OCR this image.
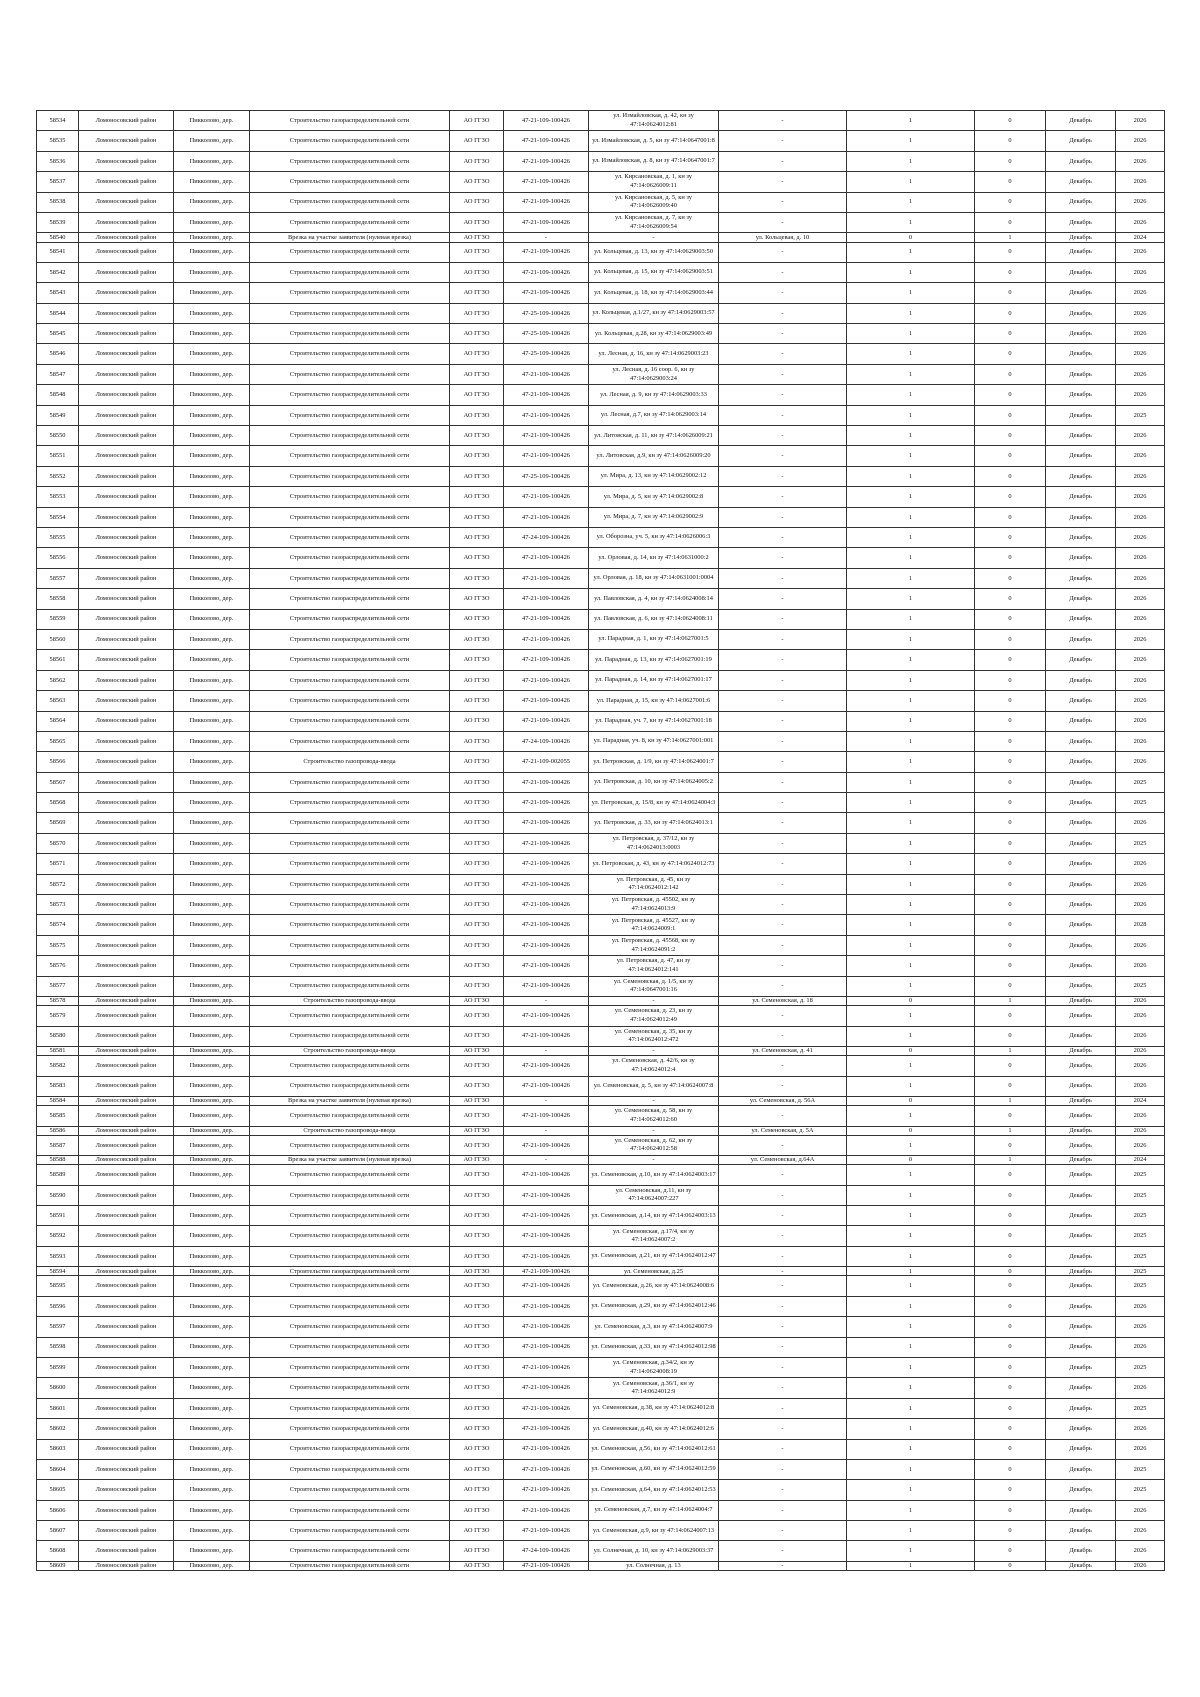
58534	Ломоносовский район	Пикколово, дер.	Строительство газораспределительной сети	АО ГГЗО	47-21-109-100426	ул. Измайловская, д. 42, кн зу 47:14:0624012:81	-	1	0	Декабрь	2026
58535	Ломоносовский район	Пикколово, дер.	Строительство газораспределительной сети	АО ГГЗО	47-21-109-100426	ул. Измайловская, д. 5, кн зу 47:14:0647001:8	-	1	0	Декабрь	2026
58536	Ломоносовский район	Пикколово, дер.	Строительство газораспределительной сети	АО ГГЗО	47-21-109-100426	ул. Измайловская, д. 8, кн зу 47:14:0647001:7	-	1	0	Декабрь	2026
58537	Ломоносовский район	Пикколово, дер.	Строительство газораспределительной сети	АО ГГЗО	47-21-109-100426	ул. Кирсановская, д. 1, кн зу 47:14:0626009:11	-	1	0	Декабрь	2026
58538	Ломоносовский район	Пикколово, дер.	Строительство газораспределительной сети	АО ГГЗО	47-21-109-100426	ул. Кирсановская, д. 5, кн зу 47:14:0626009:40	-	1	0	Декабрь	2026
58539	Ломоносовский район	Пикколово, дер.	Строительство газораспределительной сети	АО ГГЗО	47-21-109-100426	ул. Кирсановская, д. 7, кн зу 47:14:0626009:54	-	1	0	Декабрь	2026
58540	Ломоносовский район	Пикколово, дер.	Врезка на участке заявителя (нулевая врезка)	АО ГГЗО	-	-	ул. Кольцевая, д. 10	0	1	Декабрь	2024
58541	Ломоносовский район	Пикколово, дер.	Строительство газораспределительной сети	АО ГГЗО	47-21-109-100426	ул. Кольцевая, д. 13, кн зу 47:14:0629003:50	-	1	0	Декабрь	2026
58542	Ломоносовский район	Пикколово, дер.	Строительство газораспределительной сети	АО ГГЗО	47-21-109-100426	ул. Кольцевая, д. 15, кн зу 47:14:0629003:51	-	1	0	Декабрь	2026
58543	Ломоносовский район	Пикколово, дер.	Строительство газораспределительной сети	АО ГГЗО	47-21-109-100426	ул. Кольцевая, д. 18, кн зу 47:14:0629003:44	-	1	0	Декабрь	2026
58544	Ломоносовский район	Пикколово, дер.	Строительство газораспределительной сети	АО ГГЗО	47-25-109-100426	ул. Кольцевая, д.1/27, кн зу 47:14:0629003:57	-	1	0	Декабрь	2026
58545	Ломоносовский район	Пикколово, дер.	Строительство газораспределительной сети	АО ГГЗО	47-25-109-100426	ул. Кольцевая, д.28, кн зу 47:14:0629003:49	-	1	0	Декабрь	2026
58546	Ломоносовский район	Пикколово, дер.	Строительство газораспределительной сети	АО ГГЗО	47-25-109-100426	ул. Лесная, д. 16, кн зу 47:14:0629003:23	-	1	0	Декабрь	2026
58547	Ломоносовский район	Пикколово, дер.	Строительство газораспределительной сети	АО ГГЗО	47-21-109-100426	ул. Лесная, д. 16 соор. 6, кн зу 47:14:0629003:24	-	1	0	Декабрь	2026
58548	Ломоносовский район	Пикколово, дер.	Строительство газораспределительной сети	АО ГГЗО	47-21-109-100426	ул. Лесная, д. 9, кн зу 47:14:0629003:33	-	1	0	Декабрь	2026
58549	Ломоносовский район	Пикколово, дер.	Строительство газораспределительной сети	АО ГГЗО	47-21-109-100426	ул. Лесная, д.7, кн зу 47:14:0629003:14	-	1	0	Декабрь	2025
58550	Ломоносовский район	Пикколово, дер.	Строительство газораспределительной сети	АО ГГЗО	47-21-109-100426	ул. Литовская, д. 11, кн зу 47:14:0626009:21	-	1	0	Декабрь	2026
58551	Ломоносовский район	Пикколово, дер.	Строительство газораспределительной сети	АО ГГЗО	47-21-109-100426	ул. Литовская, д.9, кн зу 47:14:0626009:20	-	1	0	Декабрь	2026
58552	Ломоносовский район	Пикколово, дер.	Строительство газораспределительной сети	АО ГГЗО	47-25-109-100426	ул. Мира, д. 13, кн зу 47:14:0629002:12	-	1	0	Декабрь	2026
58553	Ломоносовский район	Пикколово, дер.	Строительство газораспределительной сети	АО ГГЗО	47-21-109-100426	ул. Мира, д. 5, кн зу 47:14:0629002:8	-	1	0	Декабрь	2026
58554	Ломоносовский район	Пикколово, дер.	Строительство газораспределительной сети	АО ГГЗО	47-21-109-100426	ул. Мира, д. 7, кн зу 47:14:0629002:9	-	1	0	Декабрь	2026
58555	Ломоносовский район	Пикколово, дер.	Строительство газораспределительной сети	АО ГГЗО	47-24-109-100426	ул. Оборозна, уч. 5, кн зу 47:14:0626006:3	-	1	0	Декабрь	2026
58556	Ломоносовский район	Пикколово, дер.	Строительство газораспределительной сети	АО ГГЗО	47-21-109-100426	ул. Орловая, д. 14, кн зу 47:14:0631000:2	-	1	0	Декабрь	2026
58557	Ломоносовский район	Пикколово, дер.	Строительство газораспределительной сети	АО ГГЗО	47-21-109-100426	ул. Орловая, д. 18, кн зу 47:14:0631001:0004	-	1	0	Декабрь	2026
58558	Ломоносовский район	Пикколово, дер.	Строительство газораспределительной сети	АО ГГЗО	47-21-109-100426	ул. Павловская, д. 4, кн зу 47:14:0624008:14	-	1	0	Декабрь	2026
58559	Ломоносовский район	Пикколово, дер.	Строительство газораспределительной сети	АО ГГЗО	47-21-109-100426	ул. Павловская, д. 6, кн зу 47:14:0624008:11	-	1	0	Декабрь	2026
58560	Ломоносовский район	Пикколово, дер.	Строительство газораспределительной сети	АО ГГЗО	47-21-109-100426	ул. Парадная, д. 1, кн зу 47:14:0627001:5	-	1	0	Декабрь	2026
58561	Ломоносовский район	Пикколово, дер.	Строительство газораспределительной сети	АО ГГЗО	47-21-109-100426	ул. Парадная, д. 13, кн зу 47:14:0627001:19	-	1	0	Декабрь	2026
58562	Ломоносовский район	Пикколово, дер.	Строительство газораспределительной сети	АО ГГЗО	47-21-109-100426	ул. Парадная, д. 14, кн зу 47:14:0627001:17	-	1	0	Декабрь	2026
58563	Ломоносовский район	Пикколово, дер.	Строительство газораспределительной сети	АО ГГЗО	47-21-109-100426	ул. Парадная, д. 15, кн зу 47:14:0627001:6	-	1	0	Декабрь	2026
58564	Ломоносовский район	Пикколово, дер.	Строительство газораспределительной сети	АО ГГЗО	47-21-109-100426	ул. Парадная, уч. 7, кн зу 47:14:0627001:18	-	1	0	Декабрь	2026
58565	Ломоносовский район	Пикколово, дер.	Строительство газораспределительной сети	АО ГГЗО	47-24-109-100426	ул. Парадная, уч. 8, кн зу 47:14:0627001:001	-	1	0	Декабрь	2026
58566	Ломоносовский район	Пикколово, дер.	Строительство газопровода-ввода	АО ГГЗО	47-21-109-002055	ул. Петровская, д. 1/9, кн зу 47:14:0624001:7	-	1	0	Декабрь	2026
58567	Ломоносовский район	Пикколово, дер.	Строительство газораспределительной сети	АО ГГЗО	47-21-109-100426	ул. Петровская, д. 10, кн зу 47:14:0624005:2	-	1	0	Декабрь	2025
58568	Ломоносовский район	Пикколово, дер.	Строительство газораспределительной сети	АО ГГЗО	47-21-109-100426	ул. Петровская, д. 15/8, кн зу 47:14:0624004:3	-	1	0	Декабрь	2025
58569	Ломоносовский район	Пикколово, дер.	Строительство газораспределительной сети	АО ГГЗО	47-21-109-100426	ул. Петровская, д. 33, кн зу 47:14:0624013:1	-	1	0	Декабрь	2026
58570	Ломоносовский район	Пикколово, дер.	Строительство газораспределительной сети	АО ГГЗО	47-21-109-100426	ул. Петровская, д. 37/12, кн зу 47:14:0624013:0003	-	1	0	Декабрь	2025
58571	Ломоносовский район	Пикколово, дер.	Строительство газораспределительной сети	АО ГГЗО	47-21-109-100426	ул. Петровская, д. 43, кн зу 47:14:0624012:73	-	1	0	Декабрь	2026
58572	Ломоносовский район	Пикколово, дер.	Строительство газораспределительной сети	АО ГГЗО	47-21-109-100426	ул. Петровская, д. 45, кн зу 47:14:0624012:142	-	1	0	Декабрь	2026
58573	Ломоносовский район	Пикколово, дер.	Строительство газораспределительной сети	АО ГГЗО	47-21-109-100426	ул. Петровская, д. 45502, кн зу 47:14:0624013:9	-	1	0	Декабрь	2026
58574	Ломоносовский район	Пикколово, дер.	Строительство газораспределительной сети	АО ГГЗО	47-21-109-100426	ул. Петровская, д. 45527, кн зу 47:14:0624009:1	-	1	0	Декабрь	2028
58575	Ломоносовский район	Пикколово, дер.	Строительство газораспределительной сети	АО ГГЗО	47-21-109-100426	ул. Петровская, д. 45568, кн зу 47:14:0624091:2	-	1	0	Декабрь	2026
58576	Ломоносовский район	Пикколово, дер.	Строительство газораспределительной сети	АО ГГЗО	47-21-109-100426	ул. Петровская, д. 47, кн зу 47:14:0624012:141	-	1	0	Декабрь	2026
58577	Ломоносовский район	Пикколово, дер.	Строительство газораспределительной сети	АО ГГЗО	47-21-109-100426	ул. Семеновская, д. 1/5, кн зу 47:14:0647001:16	-	1	0	Декабрь	2025
58578	Ломоносовский район	Пикколово, дер.	Строительство газопровода-ввода	АО ГГЗО	-	-	ул. Семеновская, д. 18	0	1	Декабрь	2026
58579	Ломоносовский район	Пикколово, дер.	Строительство газораспределительной сети	АО ГГЗО	47-21-109-100426	ул. Семеновская, д. 23, кн зу 47:14:0624012:49	-	1	0	Декабрь	2026
58580	Ломоносовский район	Пикколово, дер.	Строительство газораспределительной сети	АО ГГЗО	47-21-109-100426	ул. Семеновская, д. 35, кн зу 47:14:0624012:472	-	1	0	Декабрь	2026
58581	Ломоносовский район	Пикколово, дер.	Строительство газопровода-ввода	АО ГГЗО	-	-	ул. Семеновская, д. 41	0	1	Декабрь	2026
58582	Ломоносовский район	Пикколово, дер.	Строительство газораспределительной сети	АО ГГЗО	47-21-109-100426	ул. Семеновская, д. 42/6, кн зу 47:14:0624012:4	-	1	0	Декабрь	2026
58583	Ломоносовский район	Пикколово, дер.	Строительство газораспределительной сети	АО ГГЗО	47-21-109-100426	ул. Семеновская, д. 5, кн зу 47:14:0624007:8	-	1	0	Декабрь	2026
58584	Ломоносовский район	Пикколово, дер.	Врезка на участке заявителя (нулевая врезка)	АО ГГЗО	-	-	ул. Семеновская, д. 56А	0	1	Декабрь	2024
58585	Ломоносовский район	Пикколово, дер.	Строительство газораспределительной сети	АО ГГЗО	47-21-109-100426	ул. Семеновская, д. 58, кн зу 47:14:0624012:60	-	1	0	Декабрь	2026
58586	Ломоносовский район	Пикколово, дер.	Строительство газопровода-ввода	АО ГГЗО	-	-	ул. Семеновская, д. 5А	0	1	Декабрь	2026
58587	Ломоносовский район	Пикколово, дер.	Строительство газораспределительной сети	АО ГГЗО	47-21-109-100426	ул. Семеновская, д. 62, кн зу 47:14:0624012:58	-	1	0	Декабрь	2026
58588	Ломоносовский район	Пикколово, дер.	Врезка на участке заявителя (нулевая врезка)	АО ГГЗО	-	-	ул. Семеновская, д.64А	0	1	Декабрь	2024
58589	Ломоносовский район	Пикколово, дер.	Строительство газораспределительной сети	АО ГГЗО	47-21-109-100426	ул. Семеновская, д.10, кн зу 47:14:0624003:17	-	1	0	Декабрь	2025
58590	Ломоносовский район	Пикколово, дер.	Строительство газораспределительной сети	АО ГГЗО	47-21-109-100426	ул. Семеновская, д.11, кн зу 47:14:0624007:227	-	1	0	Декабрь	2025
58591	Ломоносовский район	Пикколово, дер.	Строительство газораспределительной сети	АО ГГЗО	47-21-109-100426	ул. Семеновская, д.14, кн зу 47:14:0624003:13	-	1	0	Декабрь	2025
58592	Ломоносовский район	Пикколово, дер.	Строительство газораспределительной сети	АО ГГЗО	47-21-109-100426	ул. Семеновская, д.17/4, кн зу 47:14:0624007:2	-	1	0	Декабрь	2025
58593	Ломоносовский район	Пикколово, дер.	Строительство газораспределительной сети	АО ГГЗО	47-21-109-100426	ул. Семеновская, д.21, кн зу 47:14:0624012:47	-	1	0	Декабрь	2025
58594	Ломоносовский район	Пикколово, дер.	Строительство газораспределительной сети	АО ГГЗО	47-21-109-100426	ул. Семеновская, д.25	-	1	0	Декабрь	2025
58595	Ломоносовский район	Пикколово, дер.	Строительство газораспределительной сети	АО ГГЗО	47-21-109-100426	ул. Семеновская, д.26, кн зу 47:14:0624008:6	-	1	0	Декабрь	2025
58596	Ломоносовский район	Пикколово, дер.	Строительство газораспределительной сети	АО ГГЗО	47-21-109-100426	ул. Семеновская, д.29, кн зу 47:14:0624012:46	-	1	0	Декабрь	2026
58597	Ломоносовский район	Пикколово, дер.	Строительство газораспределительной сети	АО ГГЗО	47-21-109-100426	ул. Семеновская, д.3, кн зу 47:14:0624007:9	-	1	0	Декабрь	2026
58598	Ломоносовский район	Пикколово, дер.	Строительство газораспределительной сети	АО ГГЗО	47-21-109-100426	ул. Семеновская, д.33, кн зу 47:14:0624012:98	-	1	0	Декабрь	2026
58599	Ломоносовский район	Пикколово, дер.	Строительство газораспределительной сети	АО ГГЗО	47-21-109-100426	ул. Семеновская, д.34/2, кн зу 47:14:0624008:19	-	1	0	Декабрь	2025
58600	Ломоносовский район	Пикколово, дер.	Строительство газораспределительной сети	АО ГГЗО	47-21-109-100426	ул. Семеновская, д.36/1, кн зу 47:14:0624012:9	-	1	0	Декабрь	2026
58601	Ломоносовский район	Пикколово, дер.	Строительство газораспределительной сети	АО ГГЗО	47-21-109-100426	ул. Семеновская, д.38, кн зу 47:14:0624012:8	-	1	0	Декабрь	2025
58602	Ломоносовский район	Пикколово, дер.	Строительство газораспределительной сети	АО ГГЗО	47-21-109-100426	ул. Семеновская, д.40, кн зу 47:14:0624012:6	-	1	0	Декабрь	2026
58603	Ломоносовский район	Пикколово, дер.	Строительство газораспределительной сети	АО ГГЗО	47-21-109-100426	ул. Семеновская, д.56, кн зу 47:14:0624012:61	-	1	0	Декабрь	2026
58604	Ломоносовский район	Пикколово, дер.	Строительство газораспределительной сети	АО ГГЗО	47-21-109-100426	ул. Семеновская, д.60, кн зу 47:14:0624012:59	-	1	0	Декабрь	2025
58605	Ломоносовский район	Пикколово, дер.	Строительство газораспределительной сети	АО ГГЗО	47-21-109-100426	ул. Семеновская, д.64, кн зу 47:14:0624012:53	-	1	0	Декабрь	2025
58606	Ломоносовский район	Пикколово, дер.	Строительство газораспределительной сети	АО ГГЗО	47-21-109-100426	ул. Семеновская, д.7, кн зу 47:14:0624004:7	-	1	0	Декабрь	2026
58607	Ломоносовский район	Пикколово, дер.	Строительство газораспределительной сети	АО ГГЗО	47-21-109-100426	ул. Семеновская, д.9, кн зу 47:14:0624007:13	-	1	0	Декабрь	2026
58608	Ломоносовский район	Пикколово, дер.	Строительство газораспределительной сети	АО ГГЗО	47-24-109-100426	ул. Солнечная, д. 10, кн зу 47:14:0629003:37	-	1	0	Декабрь	2026
58609	Ломоносовский район	Пикколово, дер.	Строительство газораспределительной сети	АО ГГЗО	47-21-109-100426	ул. Солнечная, д. 13	-	1	0	Декабрь	2026
